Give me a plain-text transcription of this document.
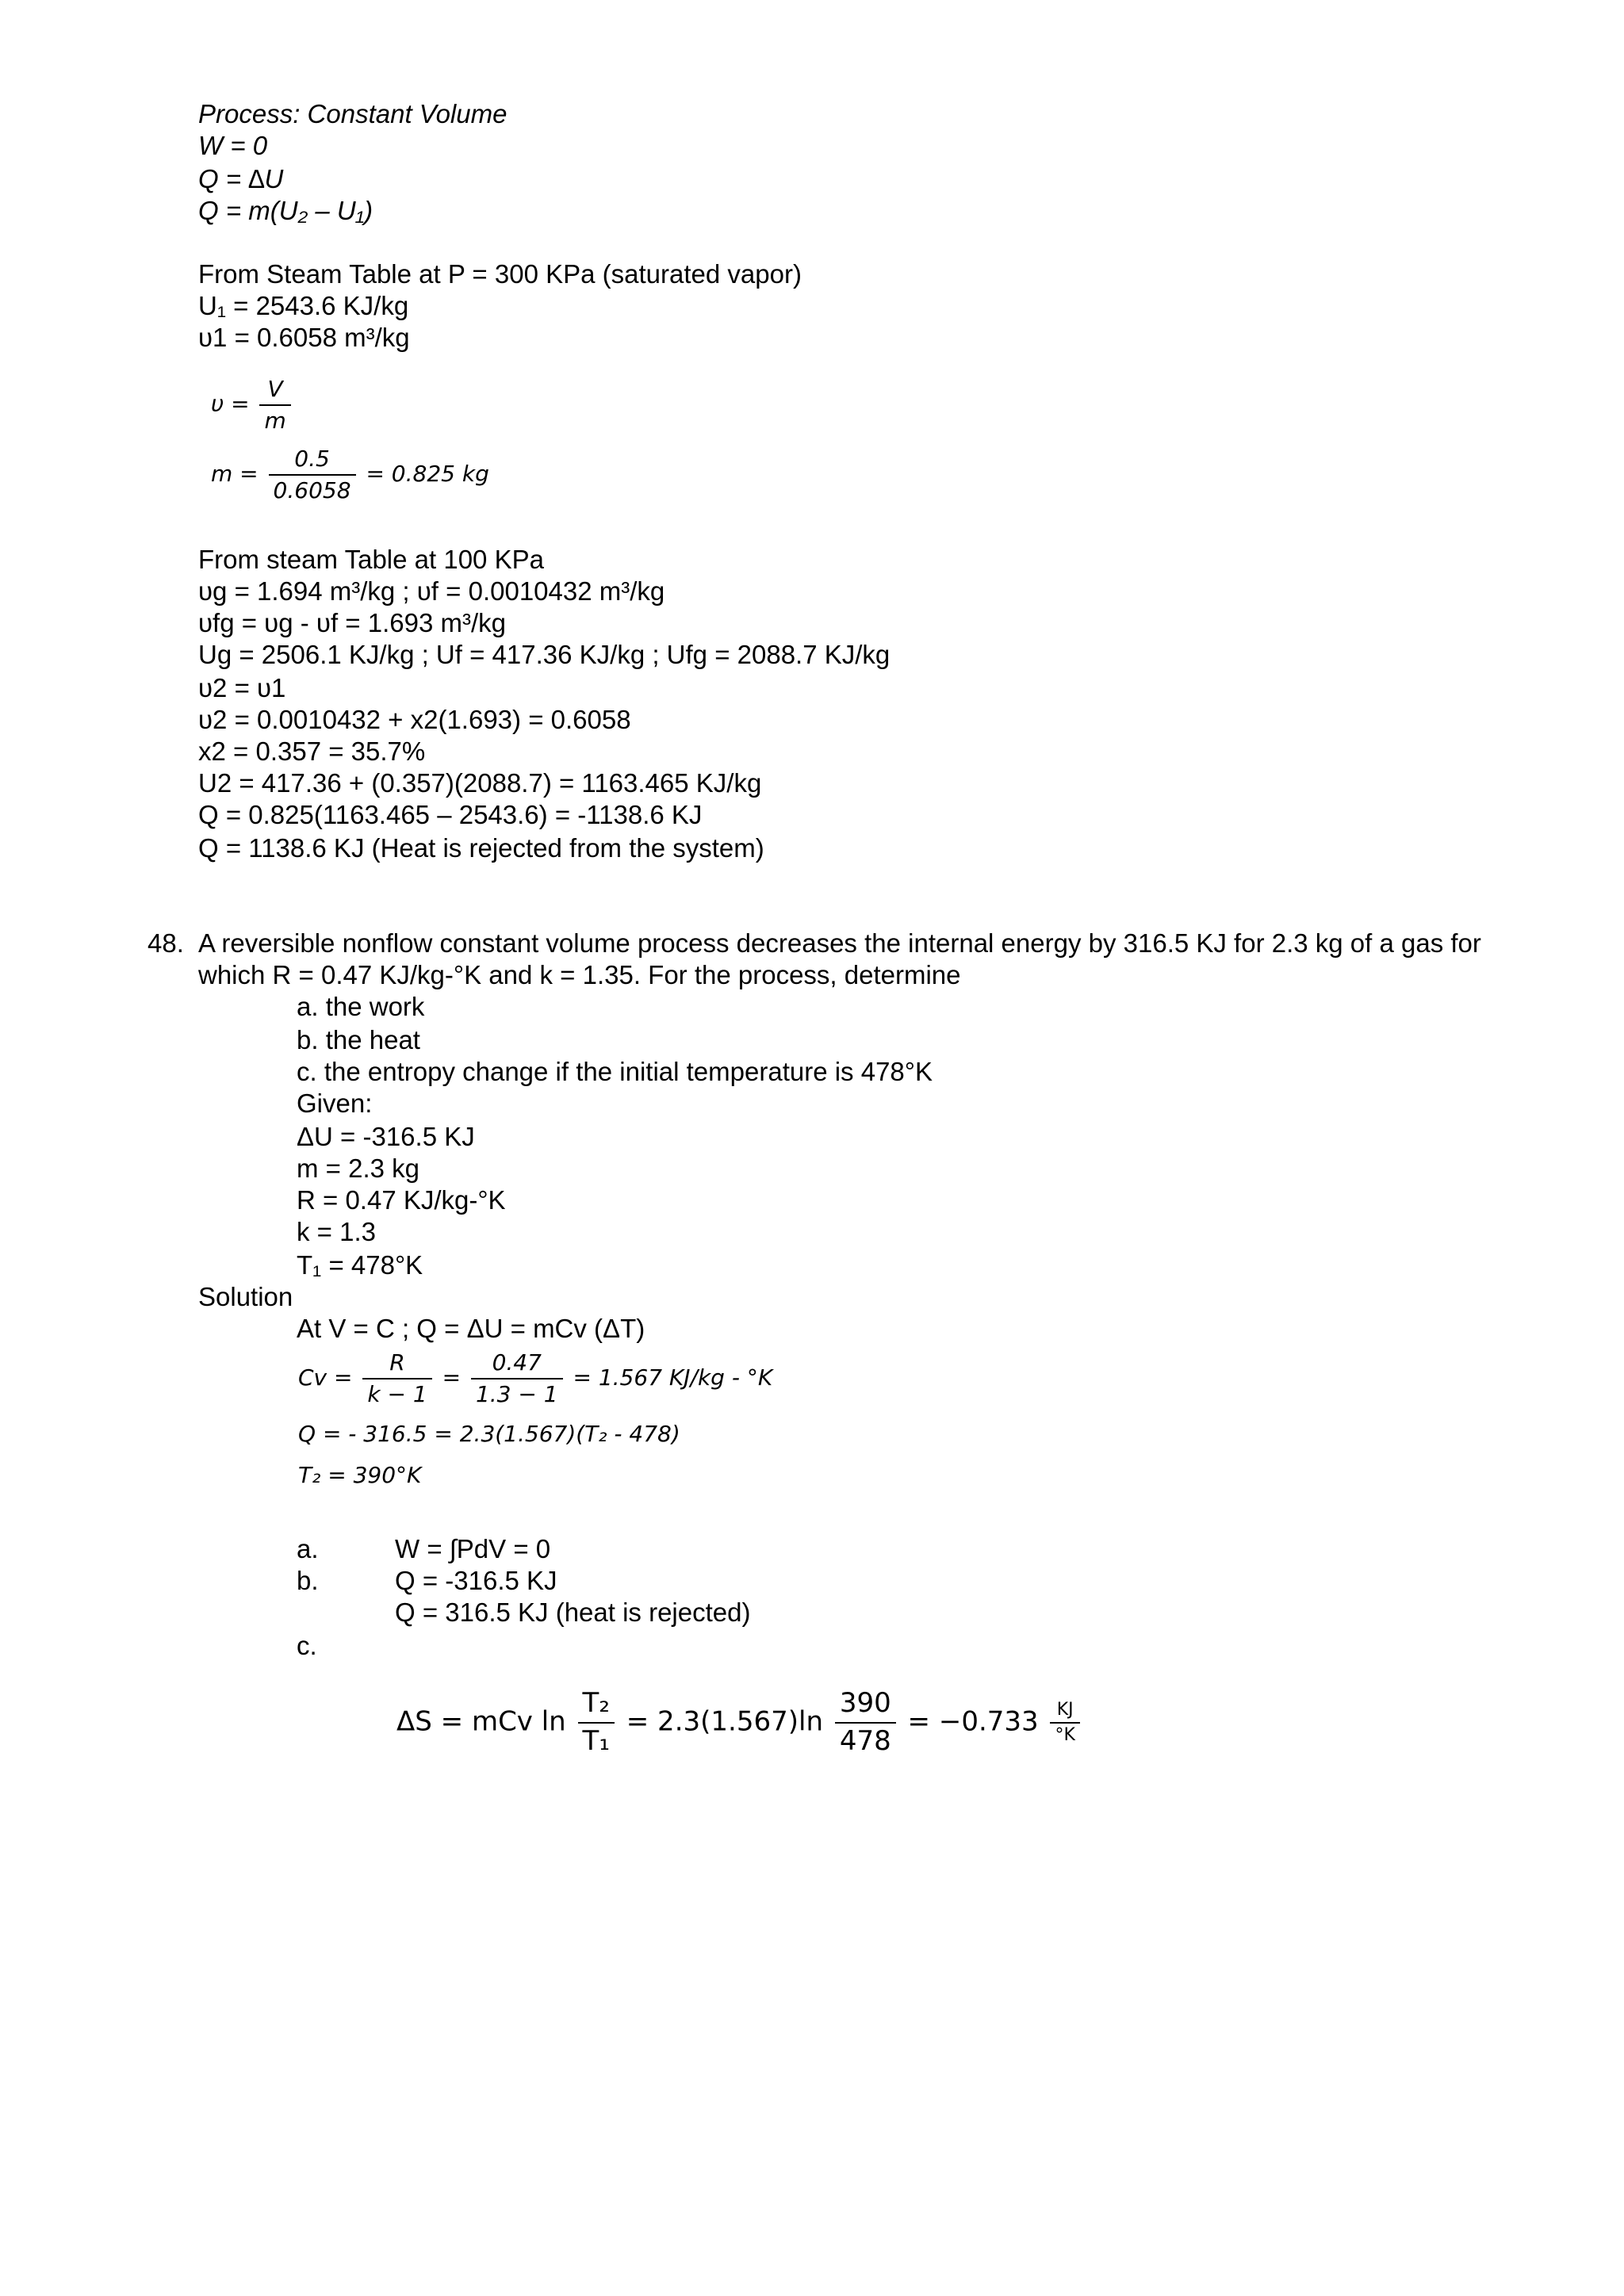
Process: Constant Volume
W = 0
Q = ∆U
Q = m(U₂ – U₁)
From Steam Table at P = 300 KPa (saturated vapor)
U₁ = 2543.6 KJ/kg
υ1 = 0.6058 m³/kg
$\upsilon = \frac{V}{m}$
$m = \frac{0.5}{0.6058} = 0.825$ kg
From steam Table at 100 KPa
υg = 1.694 m³/kg ; υf = 0.0010432 m³/kg
υfg = υg - υf = 1.693 m³/kg
Ug = 2506.1 KJ/kg ; Uf = 417.36 KJ/kg ; Ufg = 2088.7 KJ/kg
υ2 = υ1
υ2 = 0.0010432 + x2(1.693) = 0.6058
x2 = 0.357 = 35.7%
U2 = 417.36 + (0.357)(2088.7) = 1163.465 KJ/kg
Q = 0.825(1163.465 – 2543.6) = -1138.6 KJ
Q = 1138.6 KJ (Heat is rejected from the system)
48. A reversible nonflow constant volume process decreases the internal energy by 316.5 KJ for 2.3 kg of a gas for
which R = 0.47 KJ/kg-°K and k = 1.35. For the process, determine
a. the work
b. the heat
c. the entropy change if the initial temperature is 478°K
Given:
ΔU = -316.5 KJ
m = 2.3 kg
R = 0.47 KJ/kg-°K
k = 1.3
T₁ = 478°K
Solution
At V = C ; Q = ΔU = mCv (ΔT)
$Cv = \frac{R}{k - 1} = \frac{0.47}{1.3 - 1} = 1.567$ KJ/kg - °K
Q = - 316.5 = 2.3(1.567)(T₂ - 478)
T₂ = 390°K
a.	W = ∫PdV = 0
b.	Q = -316.5 KJ
Q = 316.5 KJ (heat is rejected)
c.
ΔS = mCv $\ln \frac{\text{T₂}}{\text{T₁}} = 2.3(1.567)\ln \frac{390}{478} = -0.733 \frac{KJ}{^\circ K}$
